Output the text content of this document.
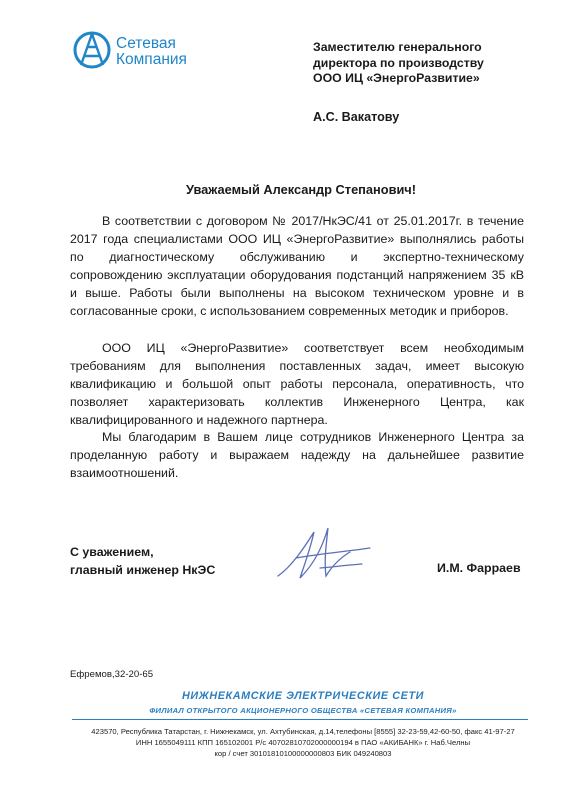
Сетевая
Компания
Заместителю генерального
директора по производству
ООО ИЦ «ЭнергоРазвитие»
А.С. Вакатову
Уважаемый Александр Степанович!

В соответствии с договором № 2017/НкЭС/41 от 25.01.2017г. в течение 2017 года специалистами ООО ИЦ «ЭнергоРазвитие» выполнялись работы по диагностическому обслуживанию и экспертно-техническому сопровождению эксплуатации оборудования подстанций напряжением 35 кВ и выше. Работы были выполнены на высоком техническом уровне и в согласованные сроки, с использованием современных методик и приборов.

ООО ИЦ «ЭнергоРазвитие» соответствует всем необходимым требованиям для выполнения поставленных задач, имеет высокую квалификацию и большой опыт работы персонала, оперативность, что позволяет характеризовать коллектив Инженерного Центра, как квалифицированного и надежного партнера.

Мы благодарим в Вашем лице сотрудников Инженерного Центра за проделанную работу и выражаем надежду на дальнейшее развитие взаимоотношений.

С уважением,
главный инженер НкЭС	И.М. Фарраев
Ефремов,32-20-65
НИЖНЕКАМСКИЕ ЭЛЕКТРИЧЕСКИЕ СЕТИ
ФИЛИАЛ ОТКРЫТОГО АКЦИОНЕРНОГО ОБЩЕСТВА «СЕТЕВАЯ КОМПАНИЯ»
423570, Республика Татарстан, г. Нижнекамск, ул. Ахтубинская, д.14,телефоны [8555] 32-23-59,42-60-50, факс 41-97-27
ИНН 1655049111 КПП 165102001 Р/с 40702810702000000194 в ПАО «АКИБАНК» г. Наб.Челны
кор / счет 30101810100000000803 БИК 049240803
